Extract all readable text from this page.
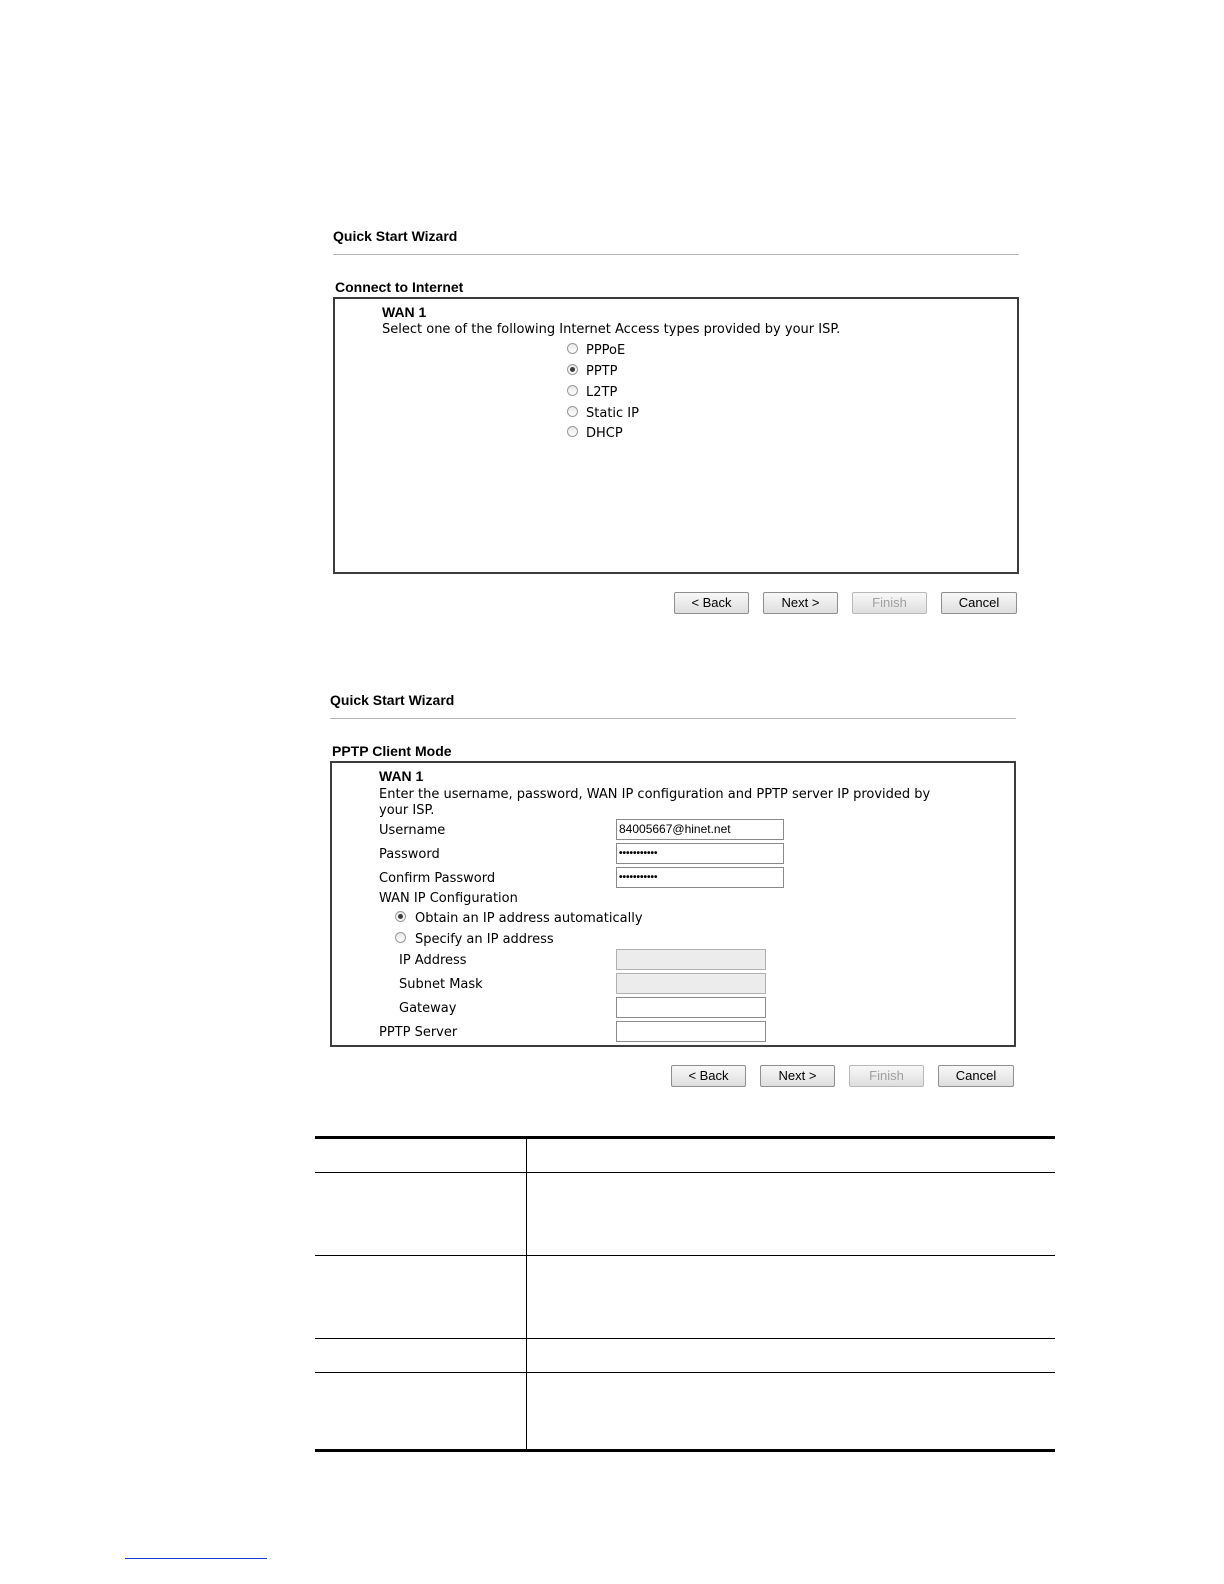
Quick Start Wizard
Connect to Internet
WAN 1
Select one of the following Internet Access types provided by your ISP.
PPPoE
PPTP
L2TP
Static IP
DHCP
< Back	Next >	Finish	Cancel
Quick Start Wizard
PPTP Client Mode
WAN 1
Enter the username, password, WAN IP configuration and PPTP server IP provided by your ISP.
Username	84005667@hinet.net
Password	•••••••••••
Confirm Password	•••••••••••
WAN IP Configuration
Obtain an IP address automatically
Specify an IP address
IP Address
Subnet Mask
Gateway
PPTP Server
< Back	Next >	Finish	Cancel
